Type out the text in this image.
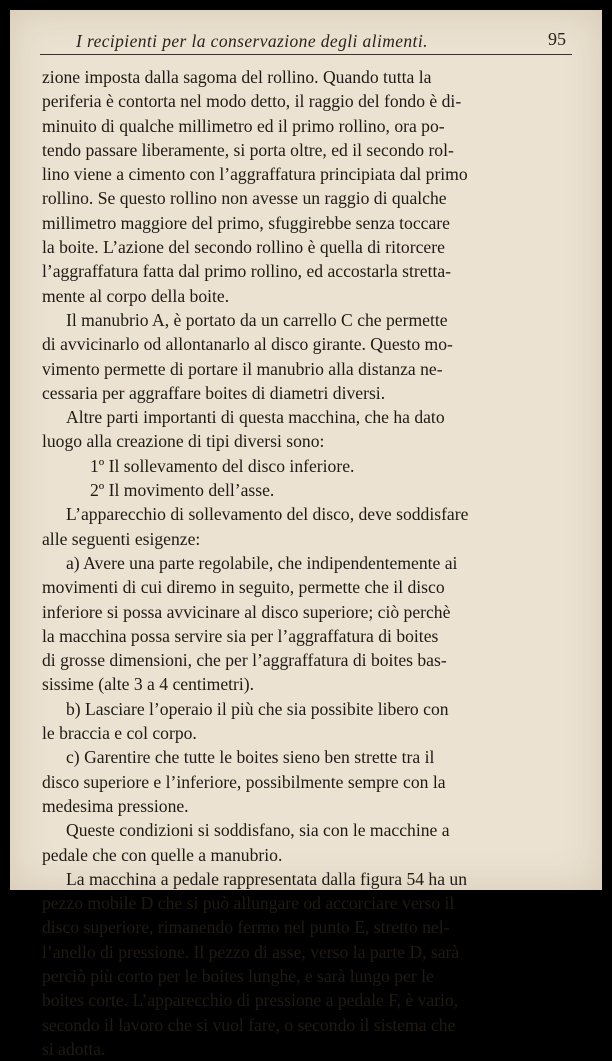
I recipienti per la conservazione degli alimenti.	95
zione imposta dalla sagoma del rollino. Quando tutta la
periferia è contorta nel modo detto, il raggio del fondo è di-
minuito di qualche millimetro ed il primo rollino, ora po-
tendo passare liberamente, si porta oltre, ed il secondo rol-
lino viene a cimento con l’aggraffatura principiata dal primo
rollino. Se questo rollino non avesse un raggio di qualche
millimetro maggiore del primo, sfuggirebbe senza toccare
la boite. L’azione del secondo rollino è quella di ritorcere
l’aggraffatura fatta dal primo rollino, ed accostarla stretta-
mente al corpo della boite.
Il manubrio A, è portato da un carrello C che permette
di avvicinarlo od allontanarlo al disco girante. Questo mo-
vimento permette di portare il manubrio alla distanza ne-
cessaria per aggraffare boites di diametri diversi.
Altre parti importanti di questa macchina, che ha dato
luogo alla creazione di tipi diversi sono:
1º Il sollevamento del disco inferiore.
2º Il movimento dell’asse.
L’apparecchio di sollevamento del disco, deve soddisfare
alle seguenti esigenze:
a) Avere una parte regolabile, che indipendentemente ai
movimenti di cui diremo in seguito, permette che il disco
inferiore si possa avvicinare al disco superiore; ciò perchè
la macchina possa servire sia per l’aggraffatura di boites
di grosse dimensioni, che per l’aggraffatura di boites bas-
sissime (alte 3 a 4 centimetri).
b) Lasciare l’operaio il più che sia possibite libero con
le braccia e col corpo.
c) Garentire che tutte le boites sieno ben strette tra il
disco superiore e l’inferiore, possibilmente sempre con la
medesima pressione.
Queste condizioni si soddisfano, sia con le macchine a
pedale che con quelle a manubrio.
La macchina a pedale rappresentata dalla figura 54 ha un
pezzo mobile D che si può allungare od accorciare verso il
disco superiore, rimanendo fermo nel punto E, stretto nel-
l’anello di pressione. Il pezzo di asse, verso la parte D, sarà
perciò più corto per le boites lunghe, e sarà lungo per le
boites corte. L’apparecchio di pressione a pedale F, è vario,
secondo il lavoro che si vuol fare, o secondo il sistema che
si adotta.
